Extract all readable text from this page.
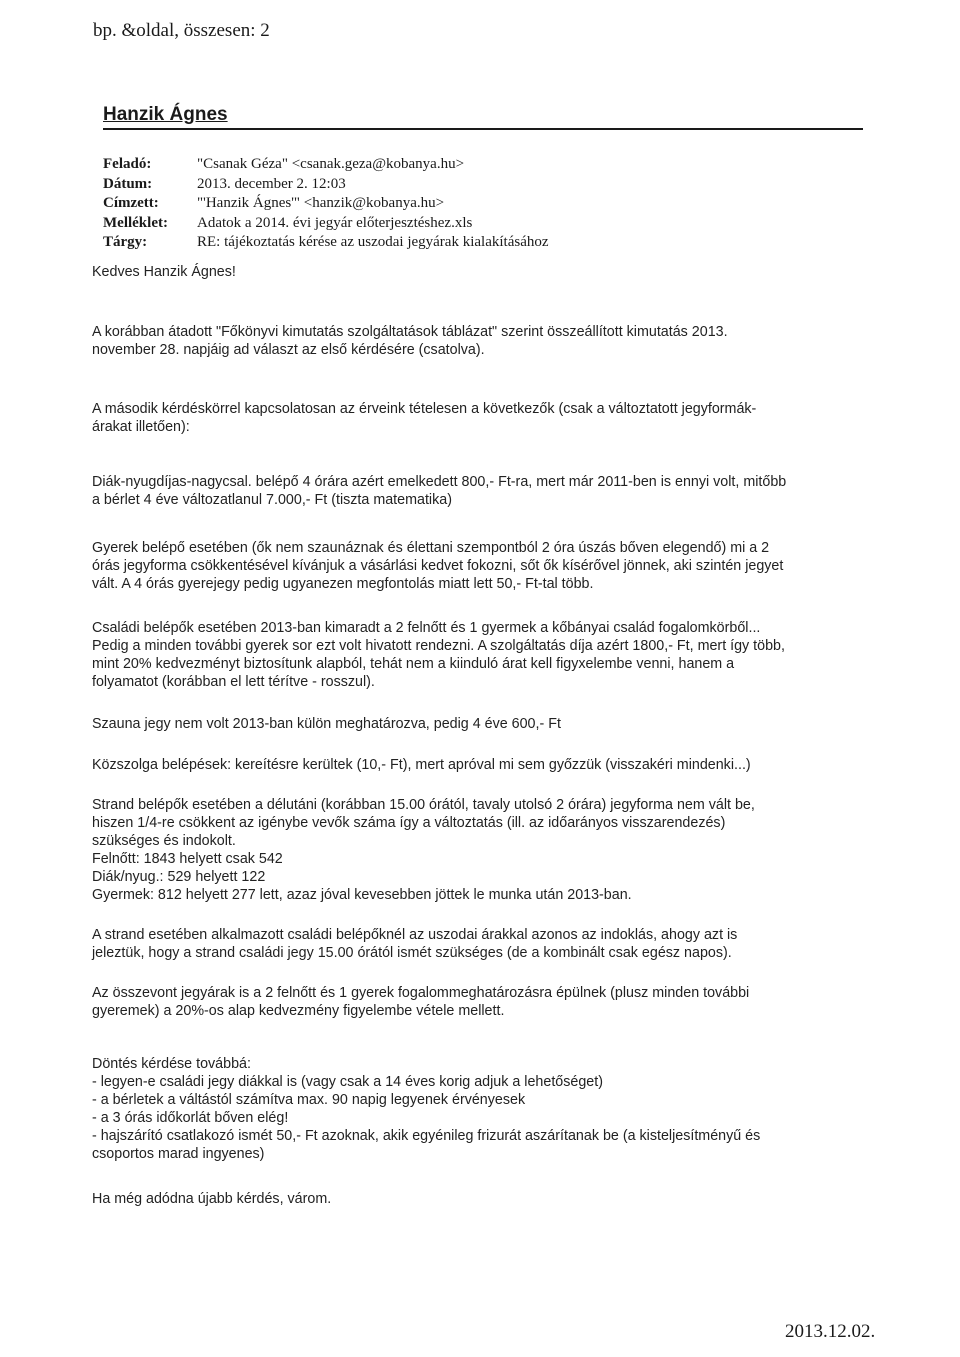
bp. &oldal, összesen: 2
Hanzik Ágnes
Feladó:	"Csanak Géza" <csanak.geza@kobanya.hu>
Dátum:	2013. december 2. 12:03
Címzett:	"'Hanzik Ágnes'" <hanzik@kobanya.hu>
Melléklet:	Adatok a 2014. évi jegyár előterjesztéshez.xls
Tárgy:	RE: tájékoztatás kérése az uszodai jegyárak kialakításához

Kedves Hanzik Ágnes!

A korábban átadott "Főkönyvi kimutatás szolgáltatások táblázat" szerint összeállított kimutatás 2013.
november 28. napjáig ad választ az első kérdésére (csatolva).

A második kérdéskörrel kapcsolatosan az érveink tételesen a következők (csak a változtatott jegyformák-
árakat illetően):

Diák-nyugdíjas-nagycsal. belépő 4 órára azért emelkedett 800,- Ft-ra, mert már 2011-ben is ennyi volt, mitőbb
a bérlet 4 éve változatlanul 7.000,- Ft (tiszta matematika)

Gyerek belépő esetében (ők nem szaunáznak és élettani szempontból 2 óra úszás bőven elegendő) mi a 2
órás jegyforma csökkentésével kívánjuk a vásárlási kedvet fokozni, sőt ők kísérővel jönnek, aki szintén jegyet
vált. A 4 órás gyerejegy pedig ugyanezen megfontolás miatt lett 50,- Ft-tal több.

Családi belépők esetében 2013-ban kimaradt a 2 felnőtt és 1 gyermek a kőbányai család fogalomkörből...
Pedig a minden további gyerek sor ezt volt hivatott rendezni. A szolgáltatás díja azért 1800,- Ft, mert így több,
mint 20% kedvezményt biztosítunk alapból, tehát nem a kiinduló árat kell figyxelembe venni, hanem a
folyamatot (korábban el lett térítve - rosszul).

Szauna jegy nem volt 2013-ban külön meghatározva, pedig 4 éve 600,- Ft

Közszolga belépések: kereítésre kerültek (10,- Ft), mert apróval mi sem győzzük (visszakéri mindenki...)

Strand belépők esetében a délutáni (korábban 15.00 órától, tavaly utolsó 2 órára) jegyforma nem vált be,
hiszen 1/4-re csökkent az igénybe vevők száma így a változtatás (ill. az időarányos visszarendezés)
szükséges és indokolt.
Felnőtt: 1843 helyett csak 542
Diák/nyug.: 529 helyett 122
Gyermek: 812 helyett 277 lett, azaz jóval kevesebben jöttek le munka után 2013-ban.

A strand esetében alkalmazott családi belépőknél az uszodai árakkal azonos az indoklás, ahogy azt is
jeleztük, hogy a strand családi jegy 15.00 órától ismét szükséges (de a kombinált csak egész napos).

Az összevont jegyárak is a 2 felnőtt és 1 gyerek fogalommeghatározásra épülnek (plusz minden további
gyeremek) a 20%-os alap kedvezmény figyelembe vétele mellett.

Döntés kérdése továbbá:
- legyen-e családi jegy diákkal is (vagy csak a 14 éves korig adjuk a lehetőséget)
- a bérletek a váltástól számítva max. 90 napig legyenek érvényesek
- a 3 órás időkorlát bőven elég!
- hajszárító csatlakozó ismét 50,- Ft azoknak, akik egyénileg frizurát aszárítanak be (a kisteljesítményű és
csoportos marad ingyenes)

Ha még adódna újabb kérdés, várom.

2013.12.02.
